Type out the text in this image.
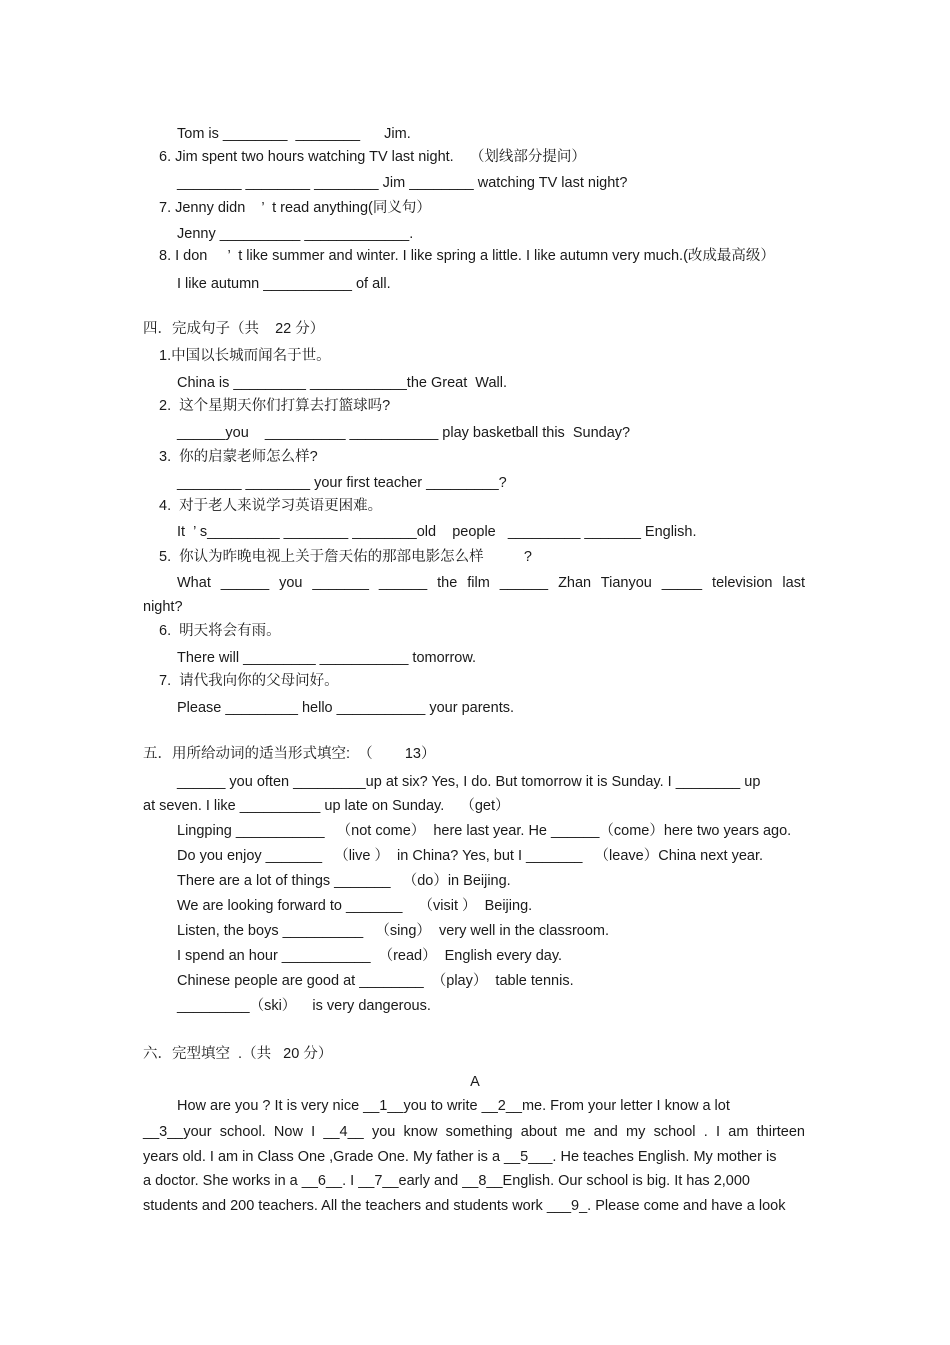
Tom is ________  ________      Jim.
6. Jim spent two hours watching TV last night.    （划线部分提问）
________ ________ ________ Jim ________ watching TV last night?
7. Jenny didn    ’  t read anything(同义句）
Jenny __________ _____________.
8. I don     ’  t like summer and winter. I like spring a little. I like autumn very much.(改成最高级）
I like autumn ___________ of all.
四．完成句子（共    22 分）
1.中国以长城而闻名于世。
China is _________ ____________the Great  Wall.
2.  这个星期天你们打算去打篮球吗?
______you    __________ ___________ play basketball this  Sunday?
3.  你的启蒙老师怎么样?
________ ________ your first teacher _________?
4.  对于老人来说学习英语更困难。
It  ’ s_________ ________ ________old    people   _________ _______ English.
5.  你认为昨晚电视上关于詹天佑的那部电影怎么样          ?
What ______ you _______ ______ the film ______ Zhan Tianyou _____ television last
night?
6.  明天将会有雨。
There will _________ ___________ tomorrow.
7.  请代我向你的父母问好。
Please _________ hello ___________ your parents.
五．用所给动词的适当形式填空:  （        13）
______ you often _________up at six? Yes, I do. But tomorrow it is Sunday. I ________ up
at seven. I like __________ up late on Sunday.    （get）
Lingping ___________   （not come）  here last year. He ______（come）here two years ago.
Do you enjoy _______   （live ）  in China? Yes, but I _______   （leave）China next year.
There are a lot of things _______   （do）in Beijing.
We are looking forward to _______    （visit ）  Beijing.
Listen, the boys __________   （sing）  very well in the classroom.
I spend an hour ___________  （read）  English every day.
Chinese people are good at ________  （play）  table tennis.
_________（ski）    is very dangerous.
六．完型填空  .（共   20 分）
A
How are you ? It is very nice __1__you to write __2__me. From your letter I know a lot
__3__your school. Now I __4__ you know something about me and my school . I am thirteen
years old. I am in Class One ,Grade One. My father is a __5___. He teaches English. My mother is
a doctor. She works in a __6__. I __7__early and __8__English. Our school is big. It has 2,000
students and 200 teachers. All the teachers and students work ___9_. Please come and have a look
